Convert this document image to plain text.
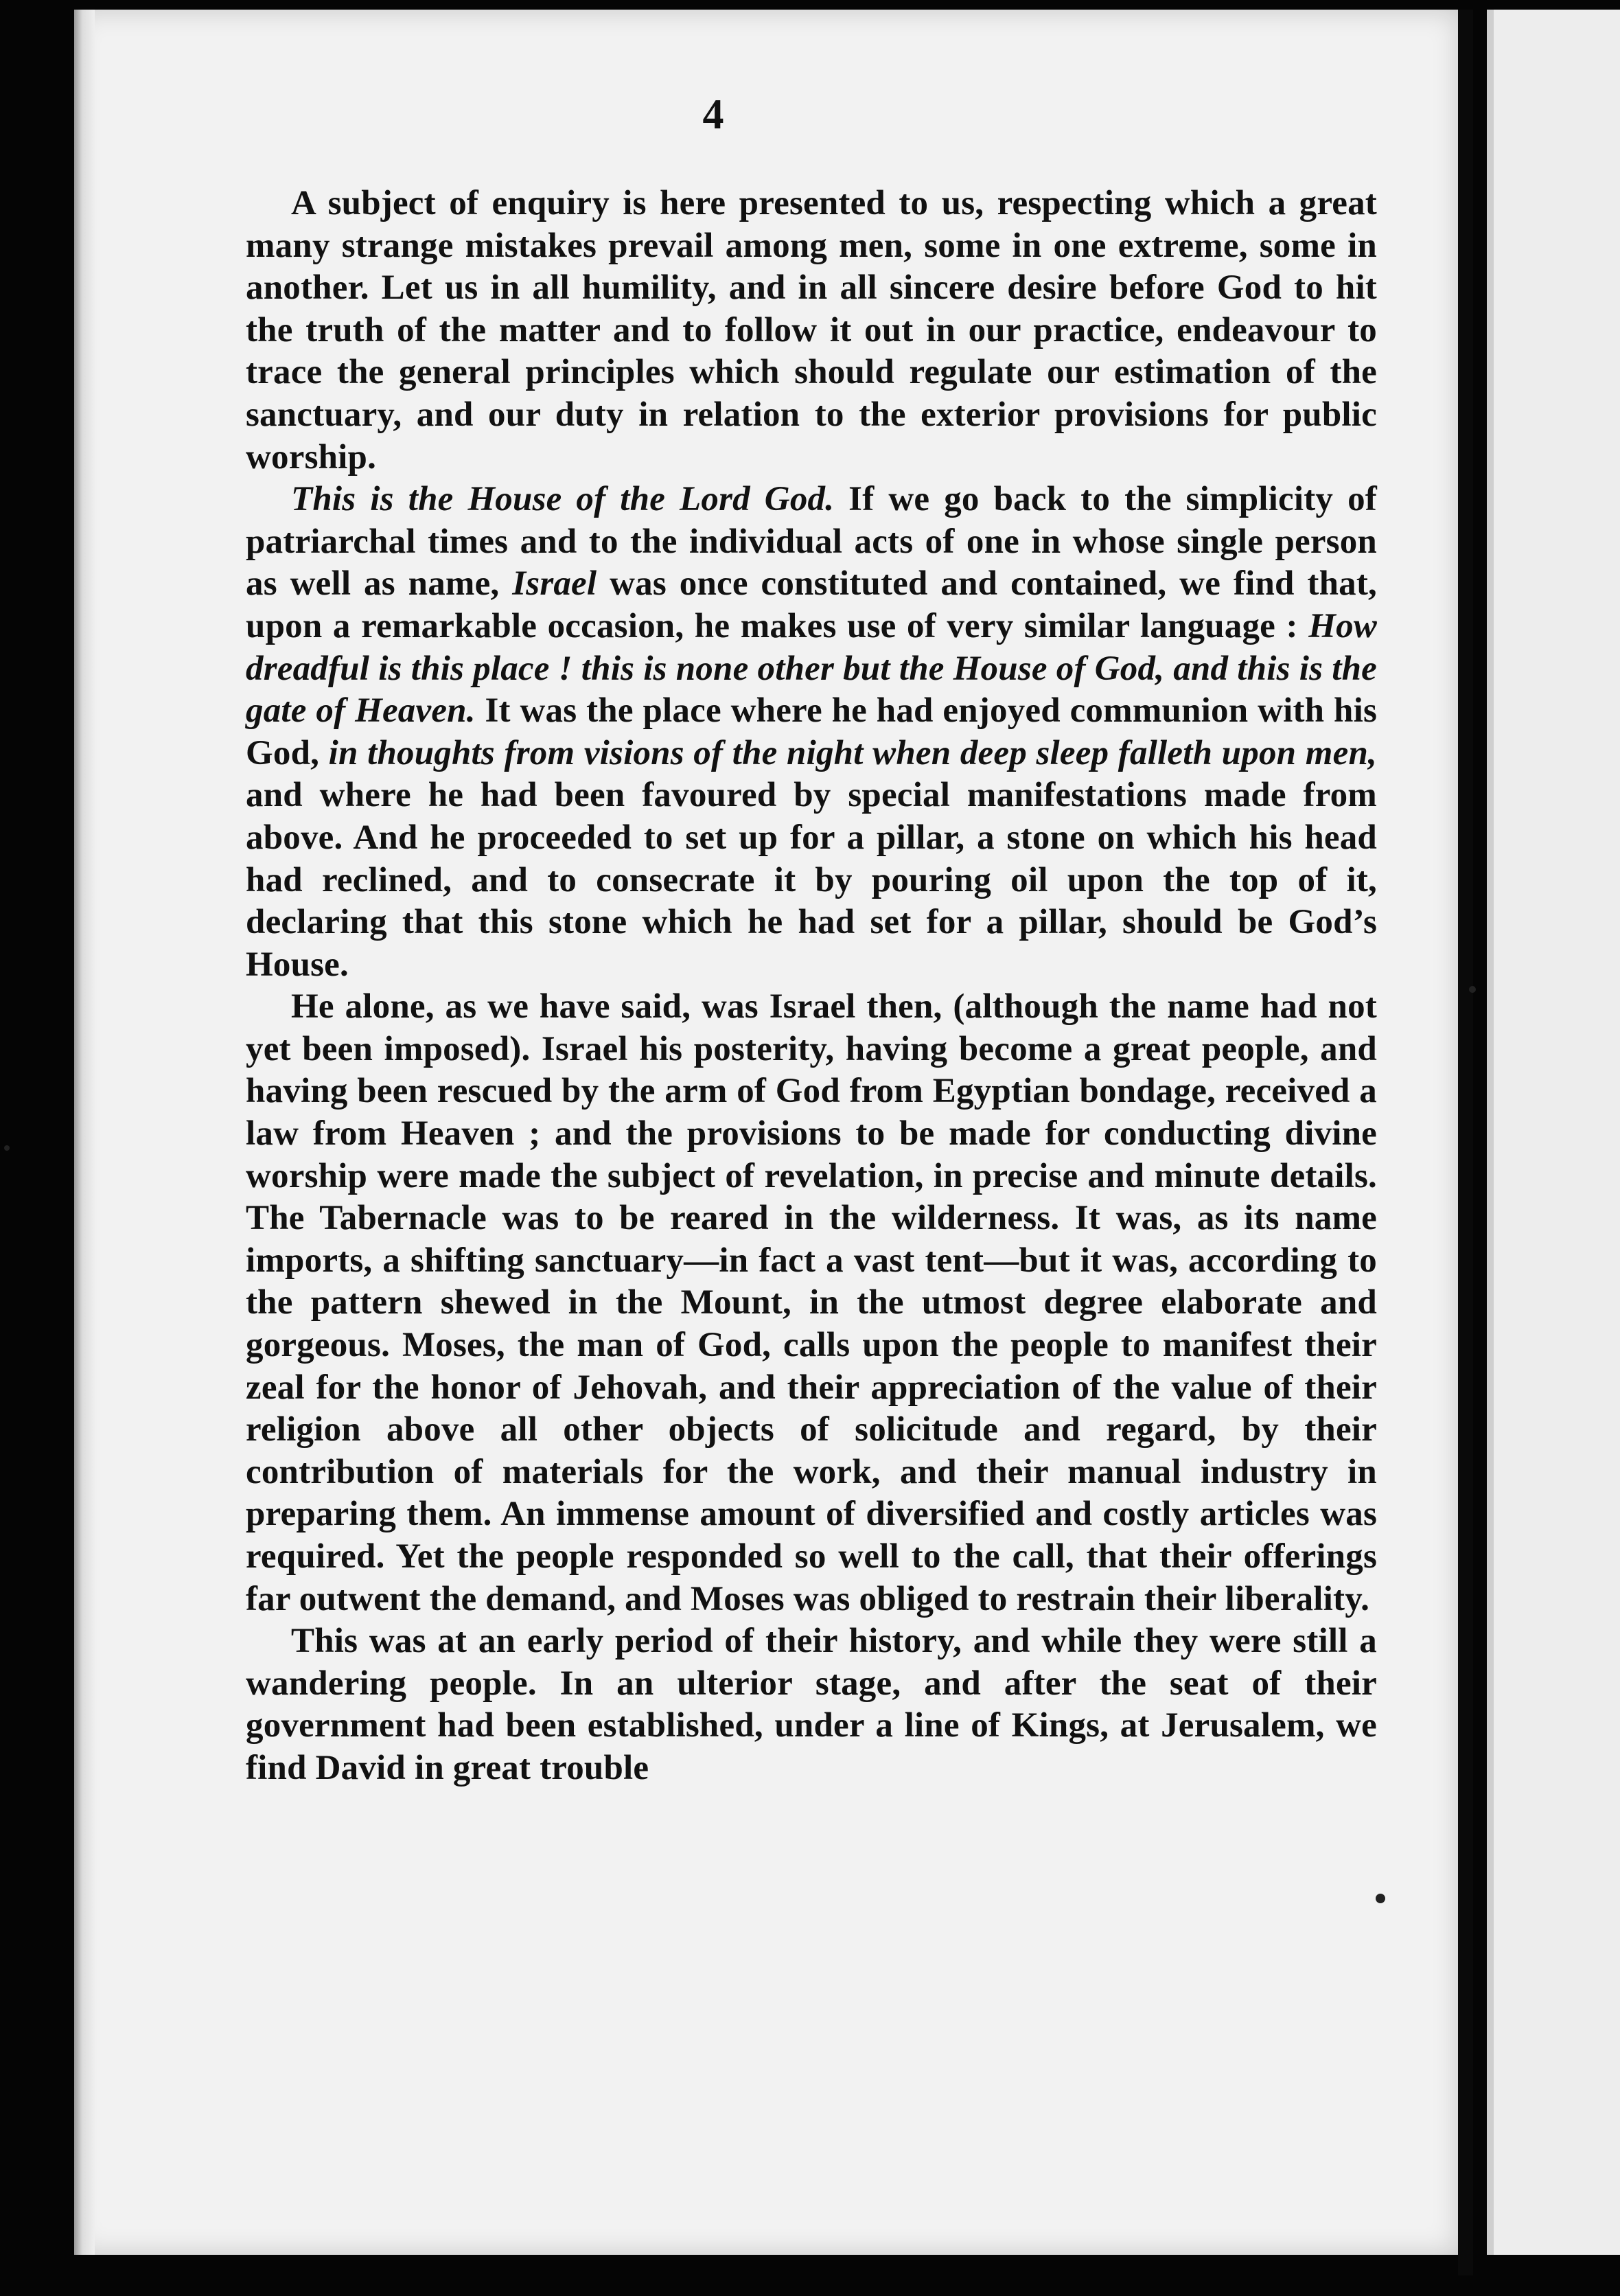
4

A subject of enquiry is here presented to us, respecting which a great many strange mistakes prevail among men, some in one extreme, some in another. Let us in all humility, and in all sincere desire before God to hit the truth of the matter and to follow it out in our practice, endeavour to trace the general principles which should regulate our estimation of the sanctuary, and our duty in relation to the exterior provisions for public worship.

This is the House of the Lord God. If we go back to the simplicity of patriarchal times and to the individual acts of one in whose single person as well as name, Israel was once constituted and contained, we find that, upon a remarkable occasion, he makes use of very similar language : How dreadful is this place ! this is none other but the House of God, and this is the gate of Heaven. It was the place where he had enjoyed communion with his God, in thoughts from visions of the night when deep sleep falleth upon men, and where he had been favoured by special manifestations made from above. And he proceeded to set up for a pillar, a stone on which his head had reclined, and to consecrate it by pouring oil upon the top of it, declaring that this stone which he had set for a pillar, should be God’s House.

He alone, as we have said, was Israel then, (although the name had not yet been imposed). Israel his posterity, having become a great people, and having been rescued by the arm of God from Egyptian bondage, received a law from Heaven ; and the provisions to be made for conducting divine worship were made the subject of revelation, in precise and minute details. The Tabernacle was to be reared in the wilderness. It was, as its name imports, a shifting sanctuary—in fact a vast tent—but it was, according to the pattern shewed in the Mount, in the utmost degree elaborate and gorgeous. Moses, the man of God, calls upon the people to manifest their zeal for the honor of Jehovah, and their appreciation of the value of their religion above all other objects of solicitude and regard, by their contribution of materials for the work, and their manual industry in preparing them. An immense amount of diversified and costly articles was required. Yet the people responded so well to the call, that their offerings far outwent the demand, and Moses was obliged to restrain their liberality.

This was at an early period of their history, and while they were still a wandering people. In an ulterior stage, and after the seat of their government had been established, under a line of Kings, at Jerusalem, we find David in great trouble
